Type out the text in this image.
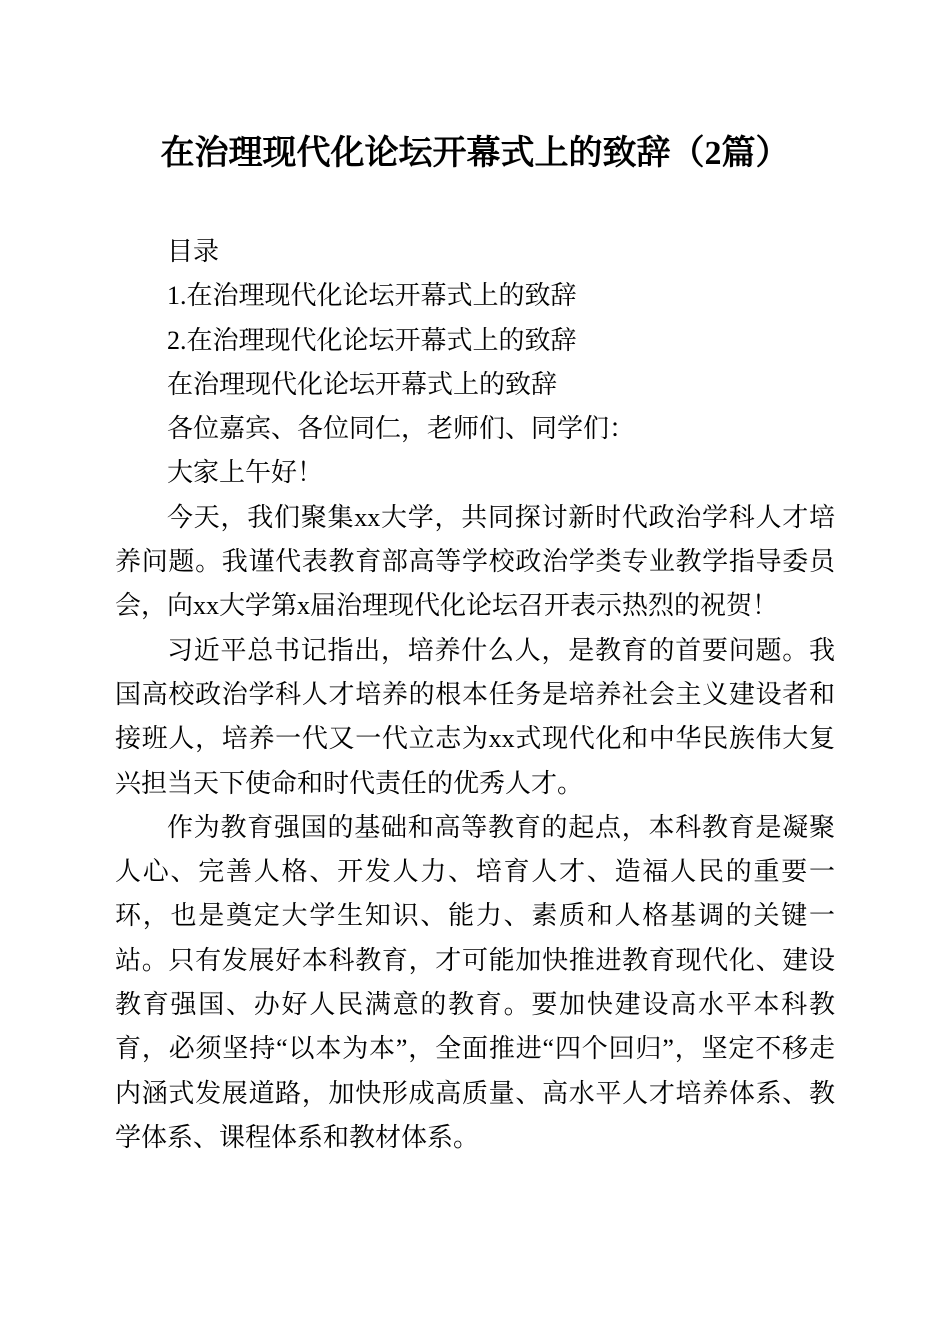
在治理现代化论坛开幕式上的致辞（2篇）

目录

1.在治理现代化论坛开幕式上的致辞

2.在治理现代化论坛开幕式上的致辞

在治理现代化论坛开幕式上的致辞

各位嘉宾、各位同仁，老师们、同学们：

大家上午好！

今天，我们聚集xx大学，共同探讨新时代政治学科人才培养问题。我谨代表教育部高等学校政治学类专业教学指导委员会，向xx大学第x届治理现代化论坛召开表示热烈的祝贺！

习近平总书记指出，培养什么人，是教育的首要问题。我国高校政治学科人才培养的根本任务是培养社会主义建设者和接班人，培养一代又一代立志为xx式现代化和中华民族伟大复兴担当天下使命和时代责任的优秀人才。

作为教育强国的基础和高等教育的起点，本科教育是凝聚人心、完善人格、开发人力、培育人才、造福人民的重要一环，也是奠定大学生知识、能力、素质和人格基调的关键一站。只有发展好本科教育，才可能加快推进教育现代化、建设教育强国、办好人民满意的教育。要加快建设高水平本科教育，必须坚持“以本为本”，全面推进“四个回归”，坚定不移走内涵式发展道路，加快形成高质量、高水平人才培养体系、教学体系、课程体系和教材体系。
